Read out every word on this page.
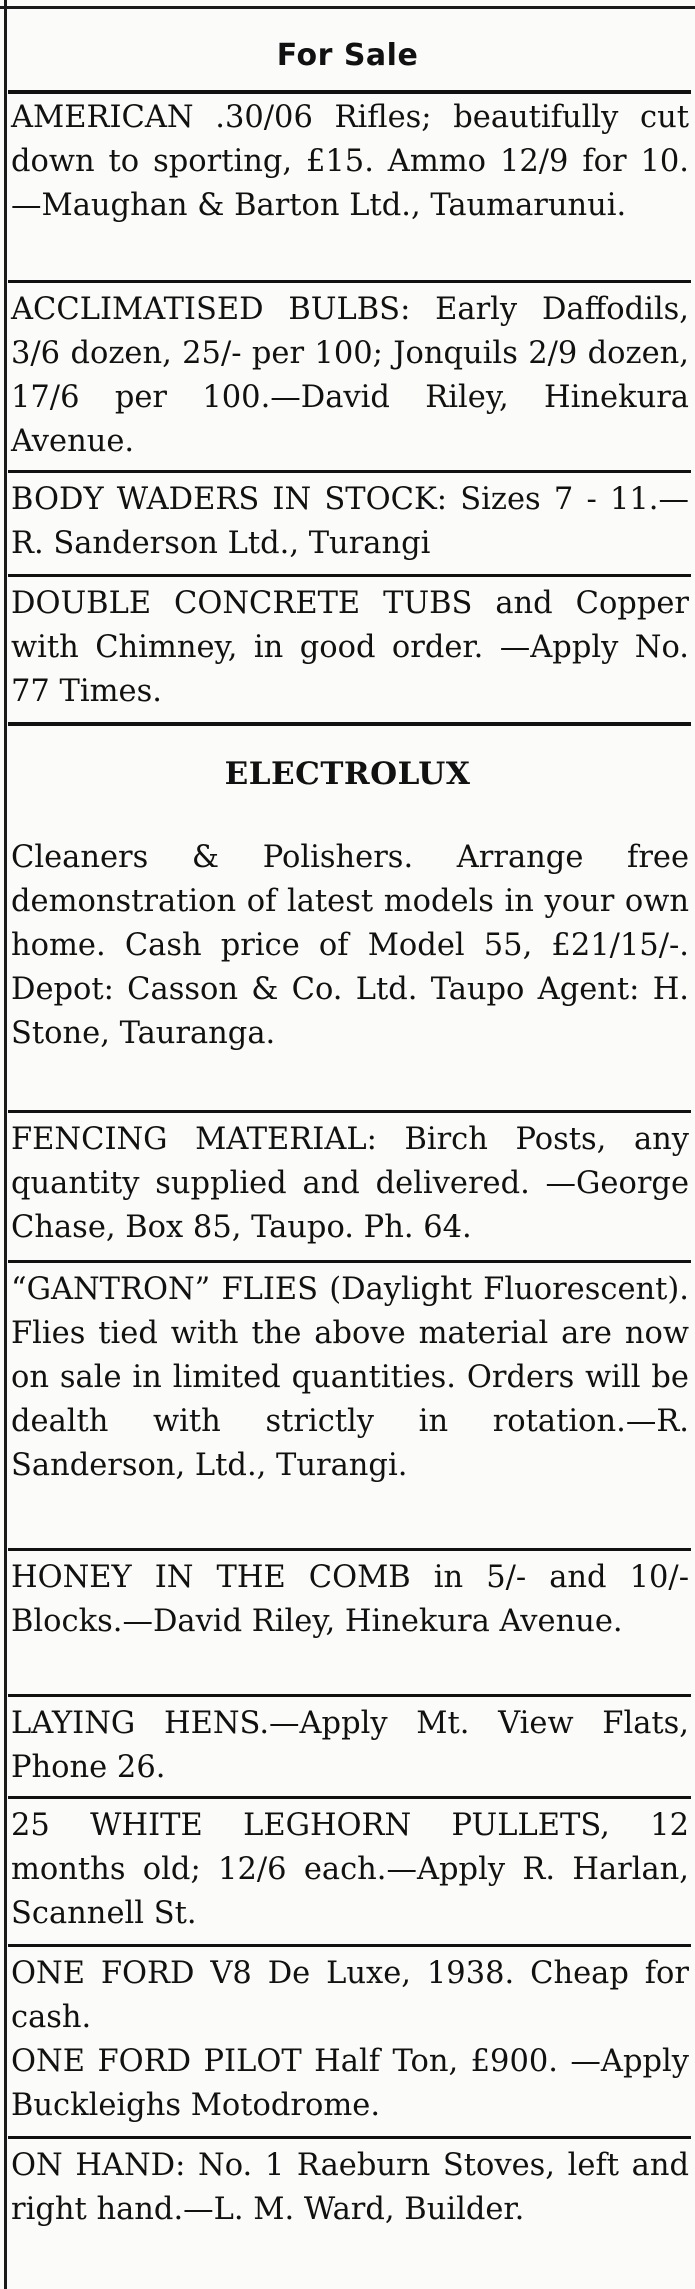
For Sale

AMERICAN .30/06 Rifles; beautifully cut down to sporting, £15. Ammo 12/9 for 10.—Maughan & Barton Ltd., Taumarunui.

ACCLIMATISED BULBS: Early Daffodils, 3/6 dozen, 25/- per 100; Jonquils 2/9 dozen, 17/6 per 100.—David Riley, Hinekura Avenue.

BODY WADERS IN STOCK: Sizes 7 - 11.—R. Sanderson Ltd., Turangi

DOUBLE CONCRETE TUBS and Copper with Chimney, in good order. —Apply No. 77 Times.

ELECTROLUX

Cleaners & Polishers. Arrange free demonstration of latest models in your own home. Cash price of Model 55, £21/15/-. Depot: Casson & Co. Ltd. Taupo Agent: H. Stone, Tauranga.

FENCING MATERIAL: Birch Posts, any quantity supplied and delivered. —George Chase, Box 85, Taupo. Ph. 64.

“GANTRON” FLIES (Daylight Fluorescent). Flies tied with the above material are now on sale in limited quantities. Orders will be dealth with strictly in rotation.—R. Sanderson, Ltd., Turangi.

HONEY IN THE COMB in 5/- and 10/- Blocks.—David Riley, Hinekura Avenue.

LAYING HENS.—Apply Mt. View Flats, Phone 26.

25 WHITE LEGHORN PULLETS, 12 months old; 12/6 each.—Apply R. Harlan, Scannell St.

ONE FORD V8 De Luxe, 1938. Cheap for cash.

ONE FORD PILOT Half Ton, £900. —Apply Buckleighs Motodrome.

ON HAND: No. 1 Raeburn Stoves, left and right hand.—L. M. Ward, Builder.
